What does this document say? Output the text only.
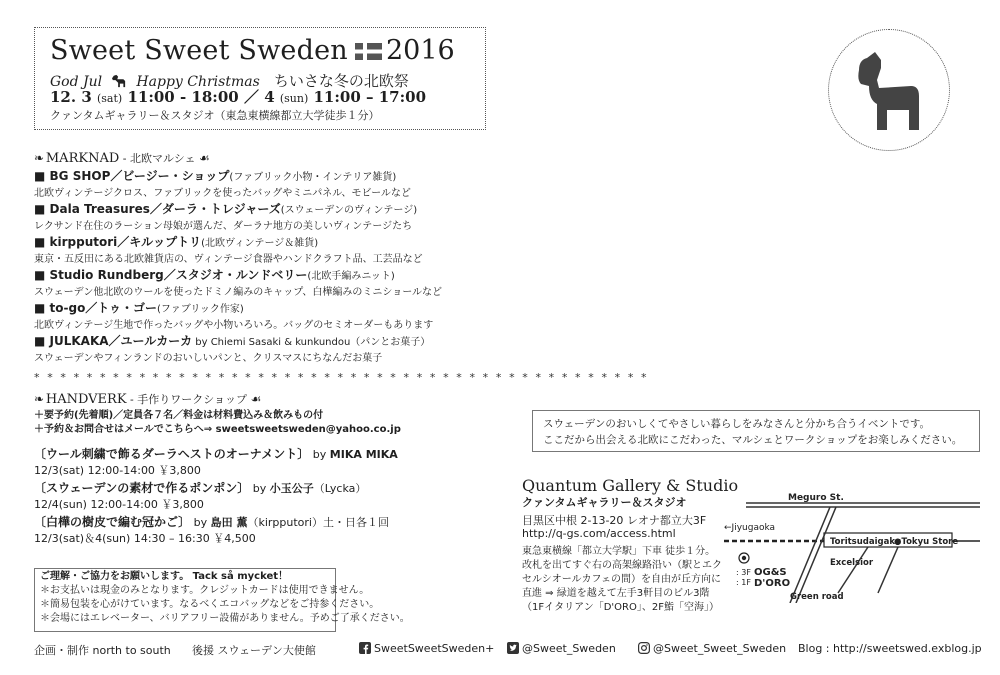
Sweet Sweet Sweden 2016
God Jul Happy Christmas ちいさな冬の北欧祭
12. 3 (sat) 11:00 - 18:00 ／ 4 (sun) 11:00 – 17:00
クァンタムギャラリー＆スタジオ（東急東横線都立大学徒歩１分）
❧ MARKNAD - 北欧マルシェ ☙
■ BG SHOP／ビージー・ショップ(ファブリック小物・インテリア雑貨)
北欧ヴィンテージクロス、ファブリックを使ったバッグやミニパネル、モビールなど
■ Dala Treasures／ダーラ・トレジャーズ(スウェーデンのヴィンテージ)
レクサンド在住のラーション母娘が選んだ、ダーラナ地方の美しいヴィンテージたち
■ kirpputori／キルップトリ(北欧ヴィンテージ＆雑貨)
東京・五反田にある北欧雑貨店の、ヴィンテージ食器やハンドクラフト品、工芸品など
■ Studio Rundberg／スタジオ・ルンドベリー(北欧手編みニット)
スウェーデン他北欧のウールを使ったドミノ編みのキャップ、白樺編みのミニショールなど
■ to-go／トゥ・ゴー(ファブリック作家)
北欧ヴィンテージ生地で作ったバッグや小物いろいろ。バッグのセミオーダーもあります
■ JULKAKA／ユールカーカ by Chiemi Sasaki & kunkundou（パンとお菓子）
スウェーデンやフィンランドのおいしいパンと、クリスマスにちなんだお菓子
* * * * * * * * * * * * * * * * * * * * * * * * * * * * * * * * * * * * * * * * * * * * * * *
❧ HANDVERK - 手作りワークショップ ☙
＋要予約(先着順)／定員各７名／料金は材料費込み＆飲みもの付
＋予約＆お問合せはメールでこちらへ⇒ sweetsweetsweden@yahoo.co.jp
〔ウール刺繍で飾るダーラヘストのオーナメント〕 by MIKA MIKA
12/3(sat) 12:00-14:00 ￥3,800
〔スウェーデンの素材で作るポンポン〕 by 小玉公子（Lycka）
12/4(sun) 12:00-14:00 ￥3,800
〔白樺の樹皮で編む冠かご〕 by 島田 薫（kirpputori）土・日各１回
12/3(sat)＆4(sun) 14:30 – 16:30 ￥4,500
ご理解・ご協力をお願いします。 Tack så mycket！
＊お支払いは現金のみとなります。クレジットカードは使用できません。
＊簡易包装を心がけています。なるべくエコバッグなどをご持参ください。
＊会場にはエレベーター、バリアフリー設備がありません。予めご了承ください。
スウェーデンのおいしくてやさしい暮らしをみなさんと分かち合うイベントです。
ここだから出会える北欧にこだわった、マルシェとワークショップをお楽しみください。
Quantum Gallery & Studio
クァンタムギャラリー＆スタジオ
目黒区中根 2-13-20 レオナ都立大3F
http://q-gs.com/access.html
東急東横線「都立大学駅」下車 徒歩１分。
改札を出てすぐ右の高架線路沿い（駅とエク
セルシオールカフェの間）を自由が丘方向に
直進 ⇒ 緑道を越えて左手3軒目のビル3階
（1Fイタリアン「D'ORO」、2F鮨「空海」）
Meguro St.
←Jiyugaoka
Toritsudaigaku
●Tokyu Store
Excelsior
Green road
: 3F
: 1F
OG&S
D'ORO
企画・制作 north to south 後援 スウェーデン大使館	SweetSweetSweden+	@Sweet_Sweden	@Sweet_Sweet_Sweden Blog : http://sweetswed.exblog.jp
